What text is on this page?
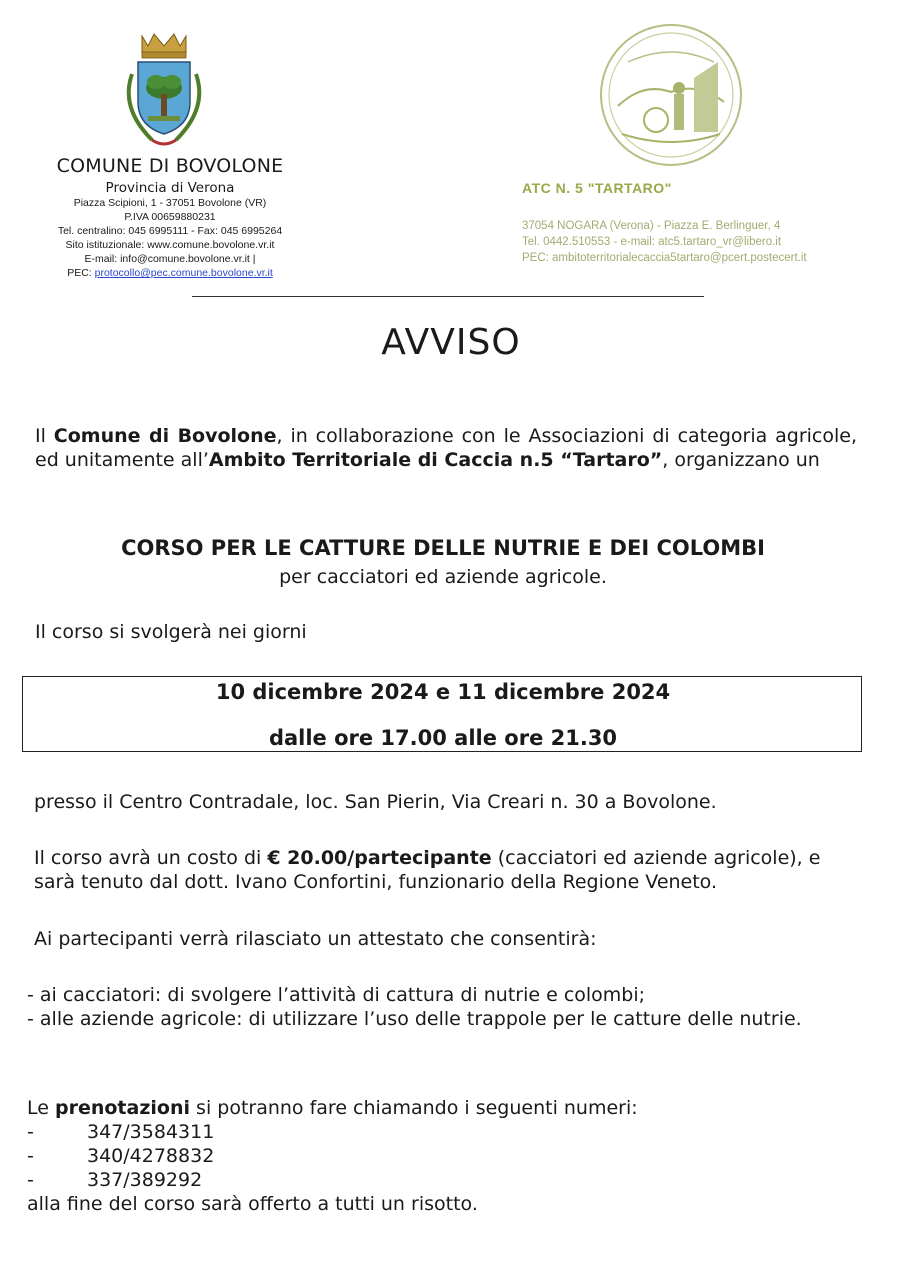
COMUNE DI BOVOLONE
Provincia di Verona
Piazza Scipioni, 1 - 37051 Bovolone (VR)
P.IVA 00659880231
Tel. centralino: 045 6995111 - Fax: 045 6995264
Sito istituzionale: www.comune.bovolone.vr.it
E-mail: info@comune.bovolone.vr.it |
PEC: protocollo@pec.comune.bovolone.vr.it
ATC N. 5 "TARTARO"
37054 NOGARA (Verona) - Piazza E. Berlinguer, 4
Tel. 0442.510553 - e-mail: atc5.tartaro_vr@libero.it
PEC: ambitoterritorialecaccia5tartaro@pcert.postecert.it
AVVISO
Il Comune di Bovolone, in collaborazione con le Associazioni di categoria agricole, ed unitamente all’Ambito Territoriale di Caccia n.5 “Tartaro”, organizzano un
CORSO PER LE CATTURE DELLE NUTRIE E DEI COLOMBI
per cacciatori ed aziende agricole.
Il corso si svolgerà nei giorni
10 dicembre 2024 e 11 dicembre 2024
dalle ore 17.00 alle ore 21.30
presso il Centro Contradale, loc. San Pierin, Via Creari n. 30 a Bovolone.
Il corso avrà un costo di € 20.00/partecipante (cacciatori ed aziende agricole), e sarà tenuto dal dott. Ivano Confortini, funzionario della Regione Veneto.
Ai partecipanti verrà rilasciato un attestato che consentirà:
- ai cacciatori: di svolgere l’attività di cattura di nutrie e colombi;
- alle aziende agricole: di utilizzare l’uso delle trappole per le catture delle nutrie.
Le prenotazioni si potranno fare chiamando i seguenti numeri:
-	347/3584311
-	340/4278832
-	337/389292
alla fine del corso sarà offerto a tutti un risotto.
